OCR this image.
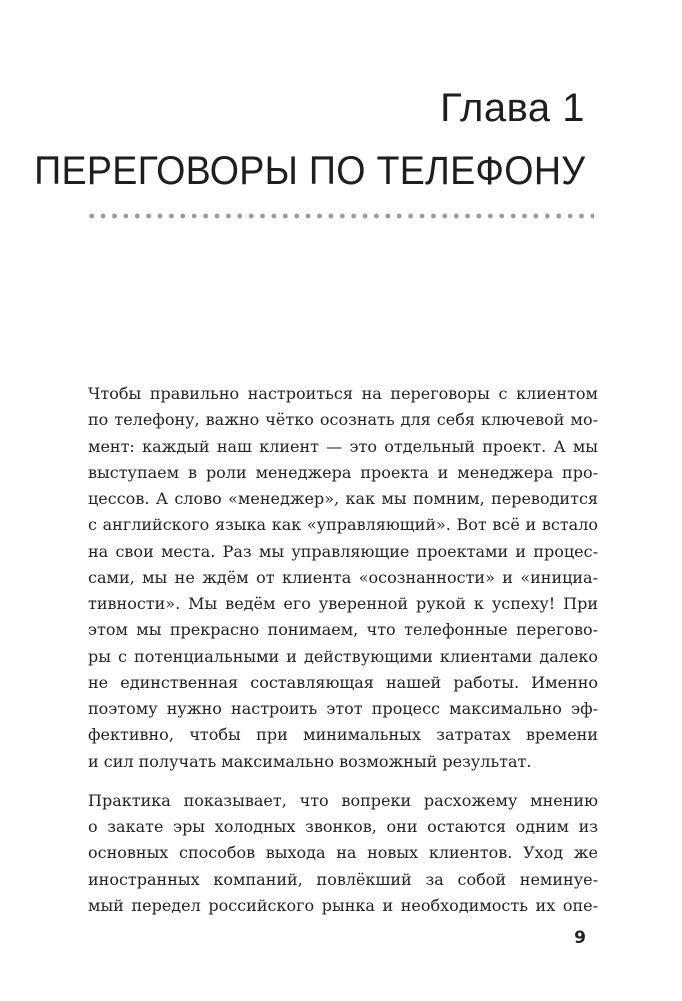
Глава 1
ПЕРЕГОВОРЫ ПО ТЕЛЕФОНУ

Чтобы правильно настроиться на переговоры с клиентом
по телефону, важно чётко осознать для себя ключевой мо-
мент: каждый наш клиент — это отдельный проект. А мы
выступаем в роли менеджера проекта и менеджера про-
цессов. А слово «менеджер», как мы помним, переводится
с английского языка как «управляющий». Вот всё и встало
на свои места. Раз мы управляющие проектами и процес-
сами, мы не ждём от клиента «осознанности» и «инициа-
тивности». Мы ведём его уверенной рукой к успеху! При
этом мы прекрасно понимаем, что телефонные перегово-
ры с потенциальными и действующими клиентами далеко
не единственная составляющая нашей работы. Именно
поэтому нужно настроить этот процесс максимально эф-
фективно, чтобы при минимальных затратах времени
и сил получать максимально возможный результат.

Практика показывает, что вопреки расхожему мнению
о закате эры холодных звонков, они остаются одним из
основных способов выхода на новых клиентов. Уход же
иностранных компаний, повлёкший за собой неминуе-
мый передел российского рынка и необходимость их опе-

9
